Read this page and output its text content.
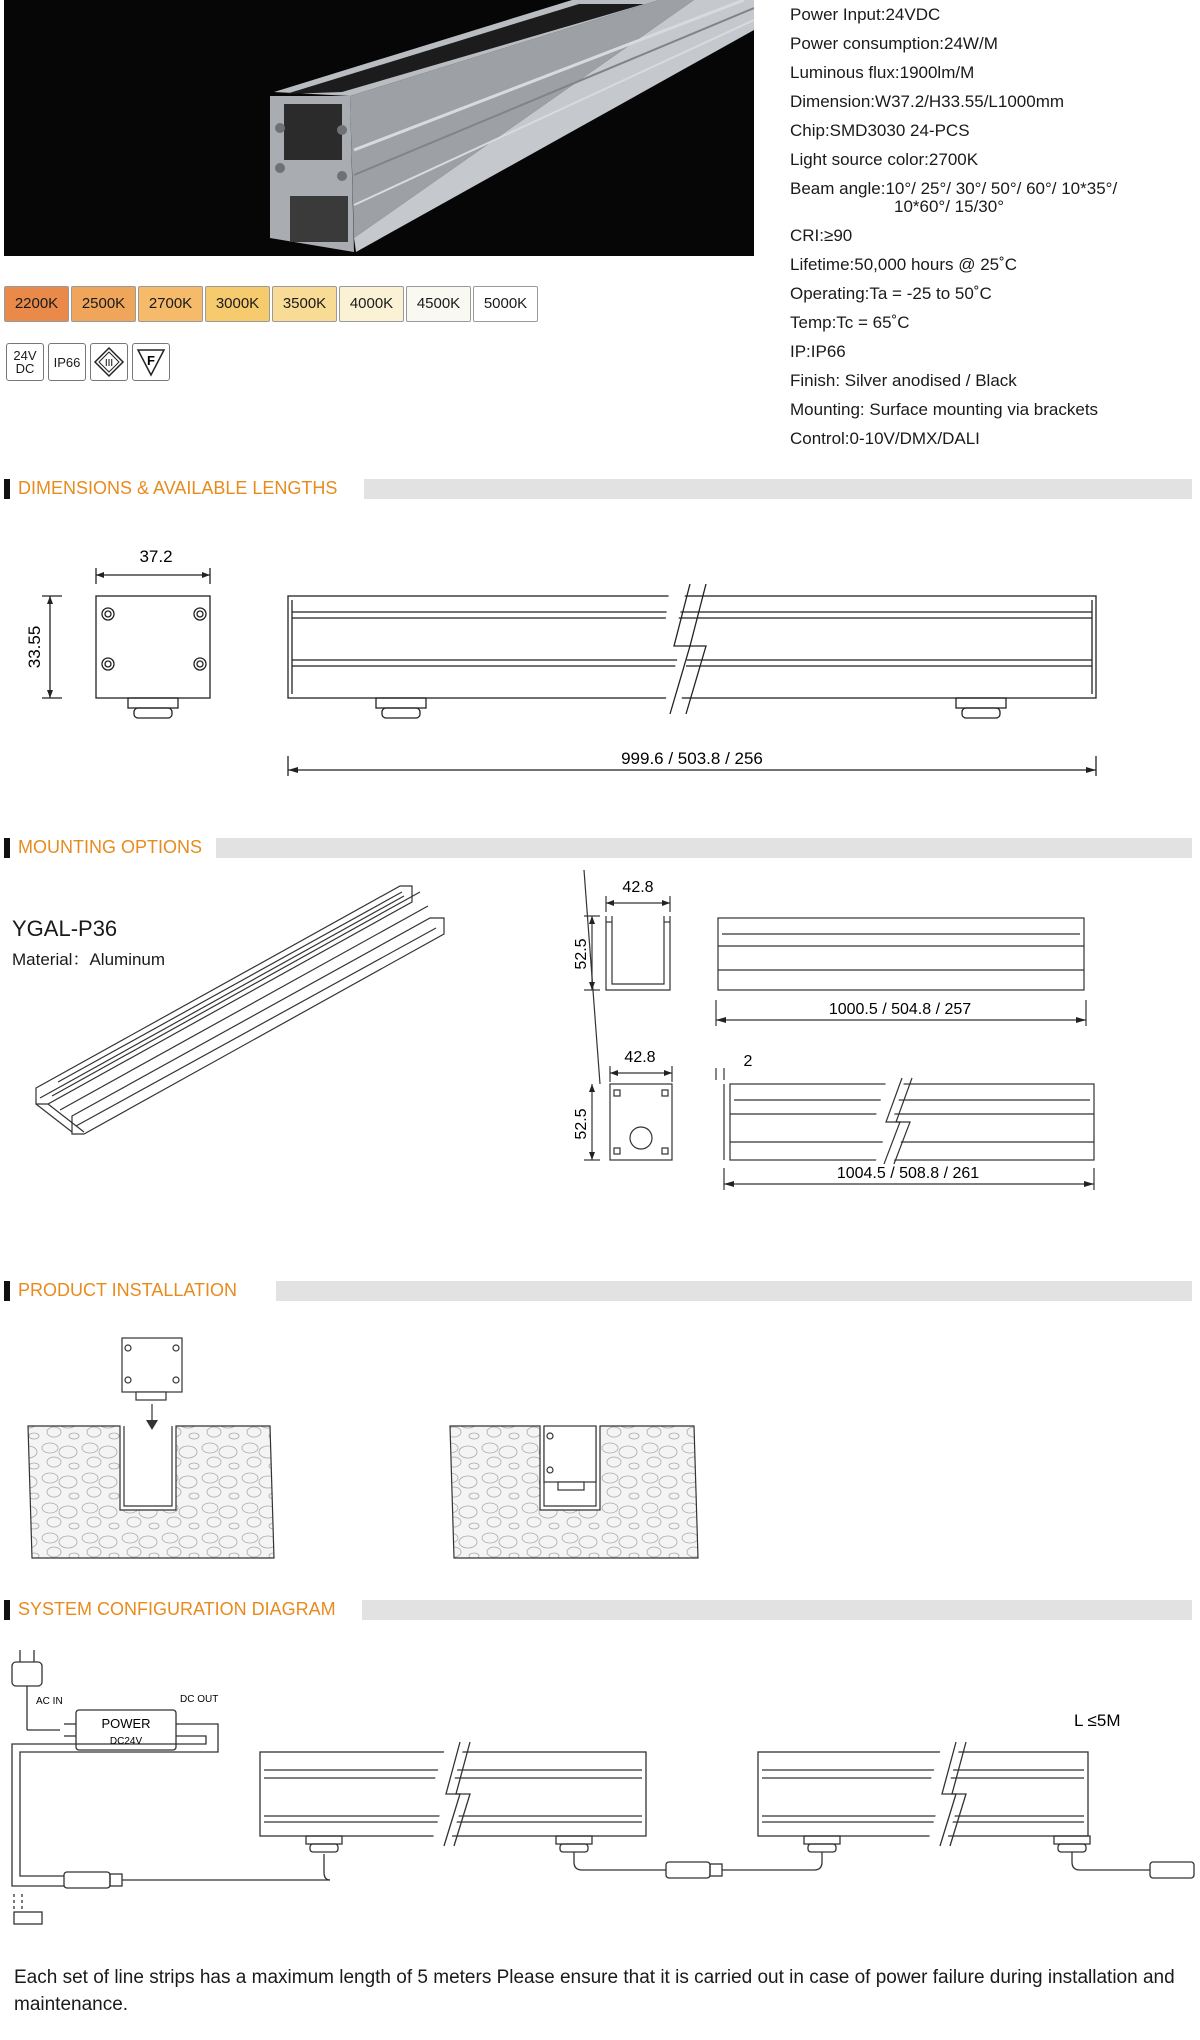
2200K	2500K	2700K	3000K	3500K	4000K	4500K	5000K
24V
DC	IP66	III	F
Power Input:24VDC
Power consumption:24W/M
Luminous flux:1900lm/M
Dimension:W37.2/H33.55/L1000mm
Chip:SMD3030 24-PCS
Light source color:2700K
Beam angle:10°/ 25°/ 30°/ 50°/ 60°/ 10*35°/
10*60°/ 15/30°
CRI:≥90
Lifetime:50,000 hours @ 25˚C
Operating:Ta = -25 to 50˚C
Temp:Tc = 65˚C
IP:IP66
Finish: Silver anodised / Black
Mounting: Surface mounting via brackets
Control:0-10V/DMX/DALI
DIMENSIONS & AVAILABLE LENGTHS
37.2
33.55
999.6 / 503.8 / 256
MOUNTING OPTIONS
YGAL-P36
Material：Aluminum
42.8
52.5
1000.5 / 504.8 / 257
42.8
52.5
2
1004.5 / 508.8 / 261
PRODUCT INSTALLATION
SYSTEM CONFIGURATION DIAGRAM
AC IN	DC OUT
POWER
DC24V
L ≤5M
Each set of line strips has a maximum length of 5 meters Please ensure that it is carried out in case of power failure during installation and maintenance.
